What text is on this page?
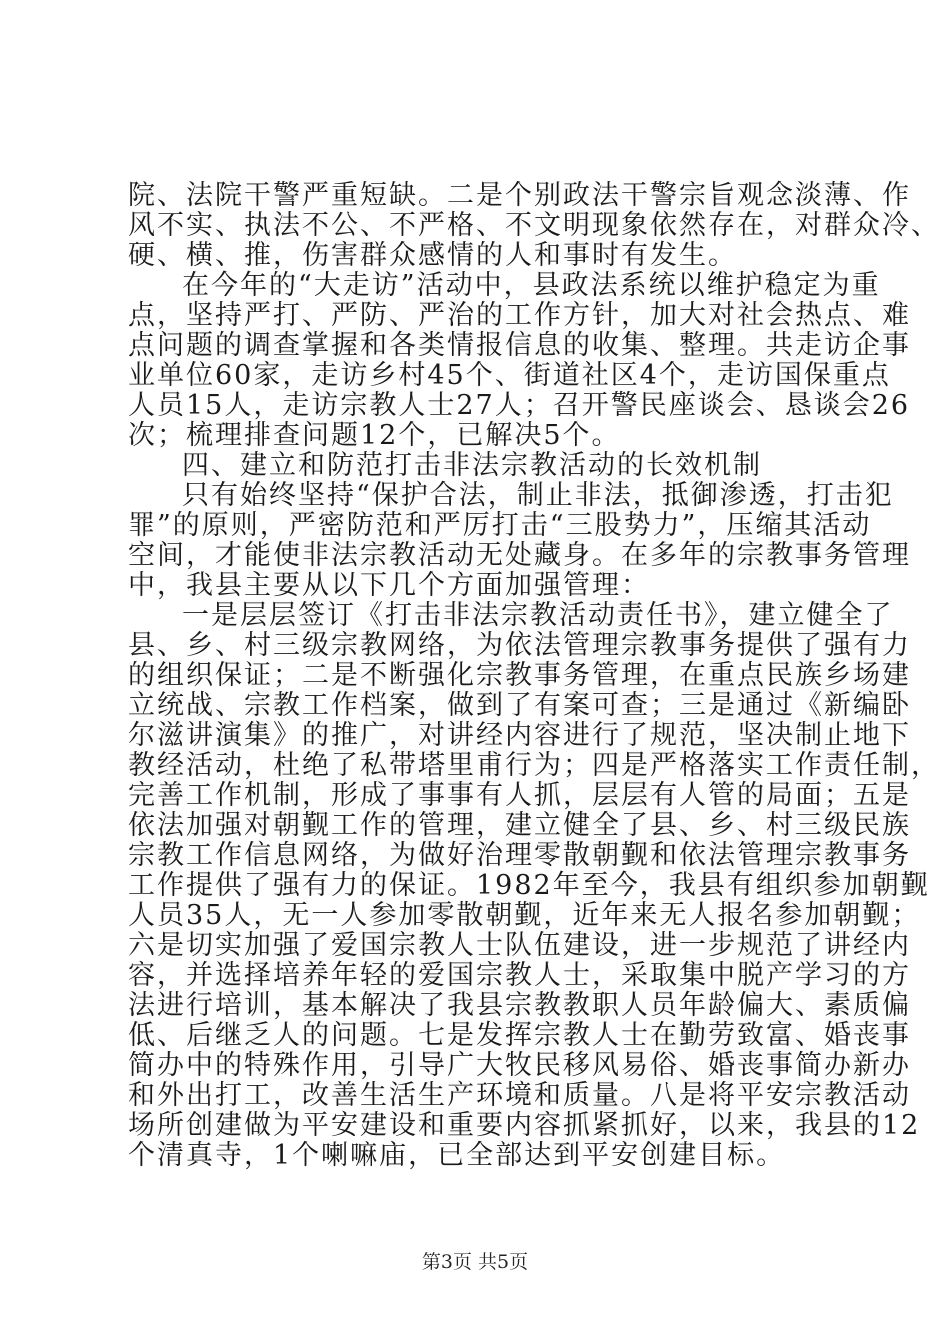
院、法院干警严重短缺。二是个别政法干警宗旨观念淡薄、作
风不实、执法不公、不严格、不文明现象依然存在，对群众冷、
硬、横、推，伤害群众感情的人和事时有发生。
在今年的“大走访”活动中，县政法系统以维护稳定为重
点，坚持严打、严防、严治的工作方针，加大对社会热点、难
点问题的调查掌握和各类情报信息的收集、整理。共走访企事
业单位60家，走访乡村45个、街道社区4个，走访国保重点
人员15人，走访宗教人士27人；召开警民座谈会、恳谈会26
次；梳理排查问题12个，已解决5个。
四、建立和防范打击非法宗教活动的长效机制
只有始终坚持“保护合法，制止非法，抵御渗透，打击犯
罪”的原则，严密防范和严厉打击“三股势力”，压缩其活动
空间，才能使非法宗教活动无处藏身。在多年的宗教事务管理
中，我县主要从以下几个方面加强管理：
一是层层签订《打击非法宗教活动责任书》，建立健全了
县、乡、村三级宗教网络，为依法管理宗教事务提供了强有力
的组织保证；二是不断强化宗教事务管理，在重点民族乡场建
立统战、宗教工作档案，做到了有案可查；三是通过《新编卧
尔滋讲演集》的推广，对讲经内容进行了规范，坚决制止地下
教经活动，杜绝了私带塔里甫行为；四是严格落实工作责任制，
完善工作机制，形成了事事有人抓，层层有人管的局面；五是
依法加强对朝觐工作的管理，建立健全了县、乡、村三级民族
宗教工作信息网络，为做好治理零散朝觐和依法管理宗教事务
工作提供了强有力的保证。1982年至今，我县有组织参加朝觐
人员35人，无一人参加零散朝觐，近年来无人报名参加朝觐；
六是切实加强了爱国宗教人士队伍建设，进一步规范了讲经内
容，并选择培养年轻的爱国宗教人士，采取集中脱产学习的方
法进行培训，基本解决了我县宗教教职人员年龄偏大、素质偏
低、后继乏人的问题。七是发挥宗教人士在勤劳致富、婚丧事
简办中的特殊作用，引导广大牧民移风易俗、婚丧事简办新办
和外出打工，改善生活生产环境和质量。八是将平安宗教活动
场所创建做为平安建设和重要内容抓紧抓好，以来，我县的12
个清真寺，1个喇嘛庙，已全部达到平安创建目标。
第3页 共5页
